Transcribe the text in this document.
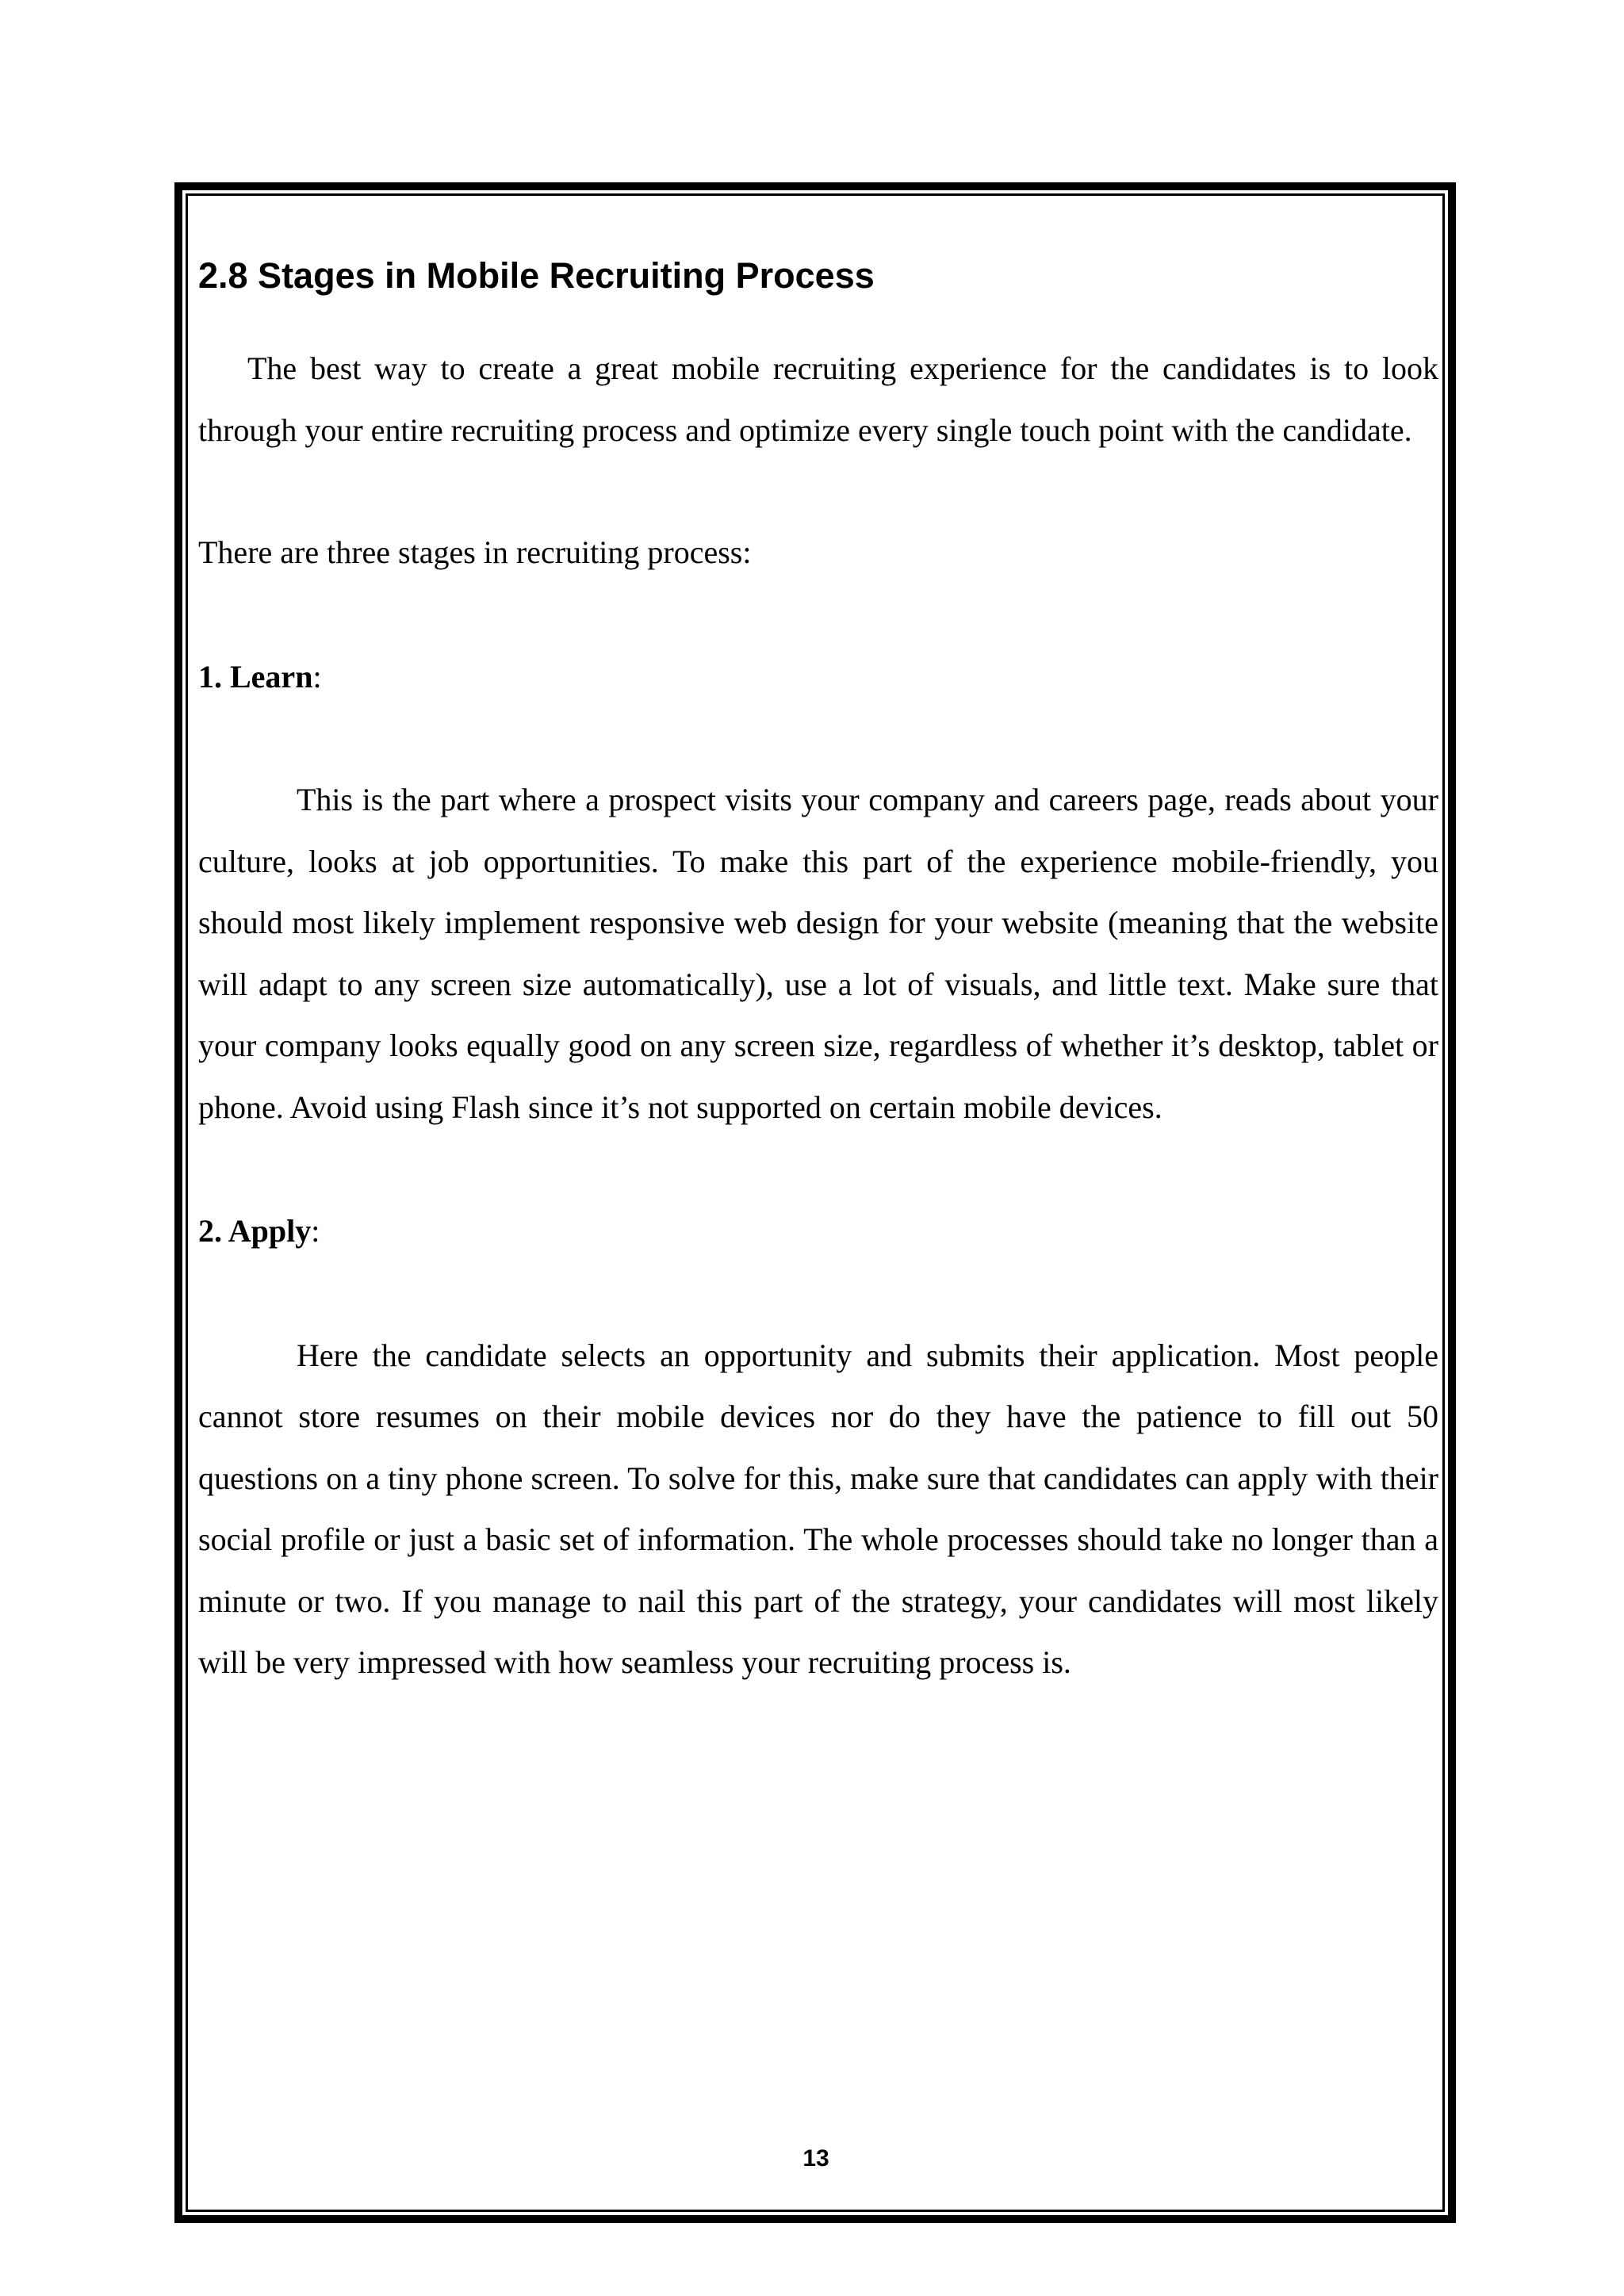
2.8 Stages in Mobile Recruiting Process

The best way to create a great mobile recruiting experience for the candidates is to look through your entire recruiting process and optimize every single touch point with the candidate.

There are three stages in recruiting process:

1. Learn:

This is the part where a prospect visits your company and careers page, reads about your culture, looks at job opportunities. To make this part of the experience mobile-friendly, you should most likely implement responsive web design for your website (meaning that the website will adapt to any screen size automatically), use a lot of visuals, and little text. Make sure that your company looks equally good on any screen size, regardless of whether it’s desktop, tablet or phone. Avoid using Flash since it’s not supported on certain mobile devices.

2. Apply:

Here the candidate selects an opportunity and submits their application. Most people cannot store resumes on their mobile devices nor do they have the patience to fill out 50 questions on a tiny phone screen. To solve for this, make sure that candidates can apply with their social profile or just a basic set of information. The whole processes should take no longer than a minute or two. If you manage to nail this part of the strategy, your candidates will most likely will be very impressed with how seamless your recruiting process is.

13
